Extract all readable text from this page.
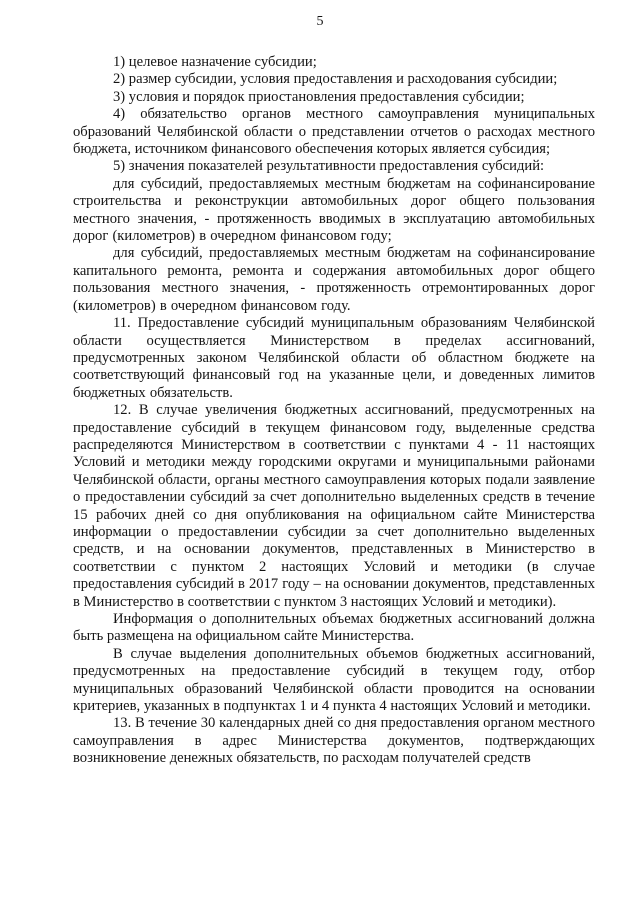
5

1) целевое назначение субсидии;

2) размер субсидии, условия предоставления и расходования субсидии;

3) условия и порядок приостановления предоставления субсидии;

4) обязательство органов местного самоуправления муниципальных образований Челябинской области о представлении отчетов о расходах местного бюджета, источником финансового обеспечения которых является субсидия;

5) значения показателей результативности предоставления субсидий:

для субсидий, предоставляемых местным бюджетам на софинансирование строительства и реконструкции автомобильных дорог общего пользования местного значения, - протяженность вводимых в эксплуатацию автомобильных дорог (километров) в очередном финансовом году;

для субсидий, предоставляемых местным бюджетам на софинансирование капитального ремонта, ремонта и содержания автомобильных дорог общего пользования местного значения, - протяженность отремонтированных дорог (километров) в очередном финансовом году.

11. Предоставление субсидий муниципальным образованиям Челябинской области осуществляется Министерством в пределах ассигнований, предусмотренных законом Челябинской области об областном бюджете на соответствующий финансовый год на указанные цели, и доведенных лимитов бюджетных обязательств.

12. В случае увеличения бюджетных ассигнований, предусмотренных на предоставление субсидий в текущем финансовом году, выделенные средства распределяются Министерством в соответствии с пунктами 4 - 11 настоящих Условий и методики между городскими округами и муниципальными районами Челябинской области, органы местного самоуправления которых подали заявление о предоставлении субсидий за счет дополнительно выделенных средств в течение 15 рабочих дней со дня опубликования на официальном сайте Министерства информации о предоставлении субсидии за счет дополнительно выделенных средств, и на основании документов, представленных в Министерство в соответствии с пунктом 2 настоящих Условий и методики (в случае предоставления субсидий в 2017 году – на основании документов, представленных в Министерство в соответствии с пунктом 3 настоящих Условий и методики).

Информация о дополнительных объемах бюджетных ассигнований должна быть размещена на официальном сайте Министерства.

В случае выделения дополнительных объемов бюджетных ассигнований, предусмотренных на предоставление субсидий в текущем году, отбор муниципальных образований Челябинской области проводится на основании критериев, указанных в подпунктах 1 и 4 пункта 4 настоящих Условий и методики.

13. В течение 30 календарных дней со дня предоставления органом местного самоуправления в адрес Министерства документов, подтверждающих возникновение денежных обязательств, по расходам получателей средств
